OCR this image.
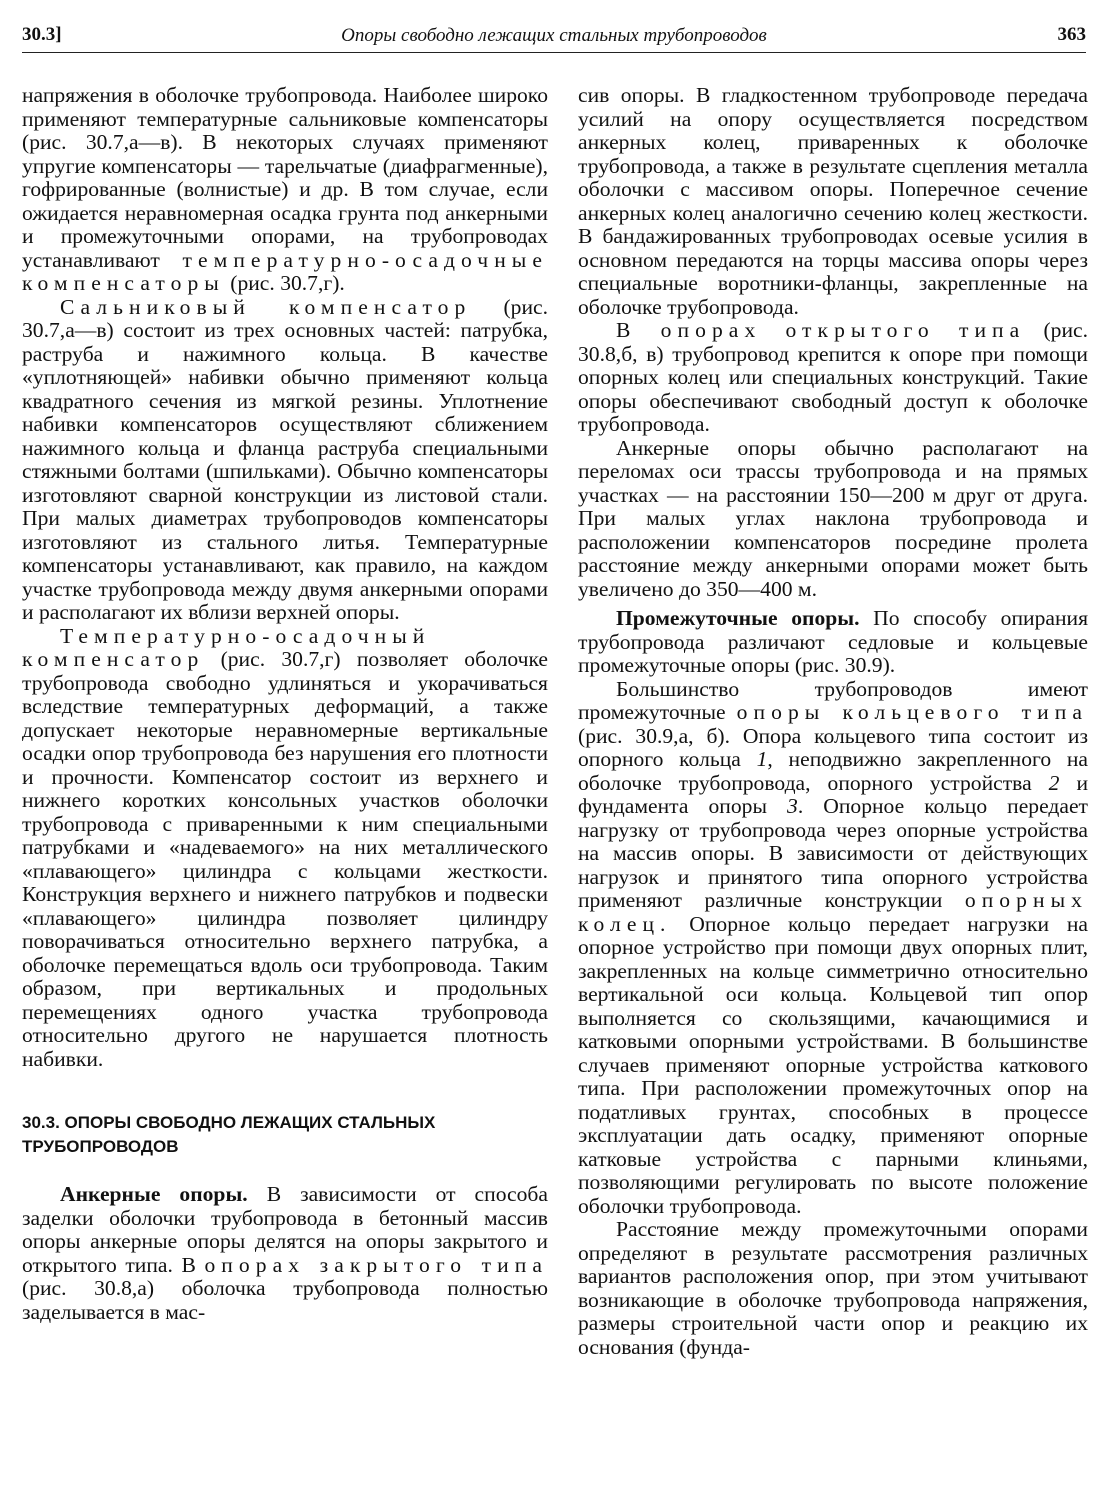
30.3]	Опоры свободно лежащих стальных трубопроводов	363

напряжения в оболочке трубопровода. Наиболее широко применяют температурные сальниковые компенсаторы (рис. 30.7,а—в). В некоторых случаях применяют упругие компенсаторы — тарельчатые (диафрагменные), гофрированные (волнистые) и др. В том случае, если ожидается неравномерная осадка грунта под анкерными и промежуточными опорами, на трубопроводах устанавливают температурно-осадочные компенсаторы (рис. 30.7,г).

Сальниковый компенсатор (рис. 30.7,а—в) состоит из трех основных частей: патрубка, раструба и нажимного кольца. В качестве «уплотняющей» набивки обычно применяют кольца квадратного сечения из мягкой резины. Уплотнение набивки компенсаторов осуществляют сближением нажимного кольца и фланца раструба специальными стяжными болтами (шпильками). Обычно компенсаторы изготовляют сварной конструкции из листовой стали. При малых диаметрах трубопроводов компенсаторы изготовляют из стального литья. Температурные компенсаторы устанавливают, как правило, на каждом участке трубопровода между двумя анкерными опорами и располагают их вблизи верхней опоры.

Температурно-осадочный компенсатор (рис. 30.7,г) позволяет оболочке трубопровода свободно удлиняться и укорачиваться вследствие температурных деформаций, а также допускает некоторые неравномерные вертикальные осадки опор трубопровода без нарушения его плотности и прочности. Компенсатор состоит из верхнего и нижнего коротких консольных участков оболочки трубопровода с приваренными к ним специальными патрубками и «надеваемого» на них металлического «плавающего» цилиндра с кольцами жесткости. Конструкция верхнего и нижнего патрубков и подвески «плавающего» цилиндра позволяет цилиндру поворачиваться относительно верхнего патрубка, а оболочке перемещаться вдоль оси трубопровода. Таким образом, при вертикальных и продольных перемещениях одного участка трубопровода относительно другого не нарушается плотность набивки.

30.3. ОПОРЫ СВОБОДНО ЛЕЖАЩИХ СТАЛЬНЫХ ТРУБОПРОВОДОВ

Анкерные опоры. В зависимости от способа заделки оболочки трубопровода в бетонный массив опоры анкерные опоры делятся на опоры закрытого и открытого типа. В опорах закрытого типа (рис. 30.8,а) оболочка трубопровода полностью заделывается в мас-

сив опоры. В гладкостенном трубопроводе передача усилий на опору осуществляется посредством анкерных колец, приваренных к оболочке трубопровода, а также в результате сцепления металла оболочки с массивом опоры. Поперечное сечение анкерных колец аналогично сечению колец жесткости. В бандажированных трубопроводах осевые усилия в основном передаются на торцы массива опоры через специальные воротники-фланцы, закрепленные на оболочке трубопровода.

В опорах открытого типа (рис. 30.8,б, в) трубопровод крепится к опоре при помощи опорных колец или специальных конструкций. Такие опоры обеспечивают свободный доступ к оболочке трубопровода.

Анкерные опоры обычно располагают на переломах оси трассы трубопровода и на прямых участках — на расстоянии 150—200 м друг от друга. При малых углах наклона трубопровода и расположении компенсаторов посредине пролета расстояние между анкерными опорами может быть увеличено до 350—400 м.

Промежуточные опоры. По способу опирания трубопровода различают седловые и кольцевые промежуточные опоры (рис. 30.9).

Большинство трубопроводов имеют промежуточные опоры кольцевого типа (рис. 30.9,а, б). Опора кольцевого типа состоит из опорного кольца 1, неподвижно закрепленного на оболочке трубопровода, опорного устройства 2 и фундамента опоры 3. Опорное кольцо передает нагрузку от трубопровода через опорные устройства на массив опоры. В зависимости от действующих нагрузок и принятого типа опорного устройства применяют различные конструкции опорных колец. Опорное кольцо передает нагрузки на опорное устройство при помощи двух опорных плит, закрепленных на кольце симметрично относительно вертикальной оси кольца. Кольцевой тип опор выполняется со скользящими, качающимися и катковыми опорными устройствами. В большинстве случаев применяют опорные устройства каткового типа. При расположении промежуточных опор на податливых грунтах, способных в процессе эксплуатации дать осадку, применяют опорные катковые устройства с парными клиньями, позволяющими регулировать по высоте положение оболочки трубопровода.

Расстояние между промежуточными опорами определяют в результате рассмотрения различных вариантов расположения опор, при этом учитывают возникающие в оболочке трубопровода напряжения, размеры строительной части опор и реакцию их основания (фунда-
